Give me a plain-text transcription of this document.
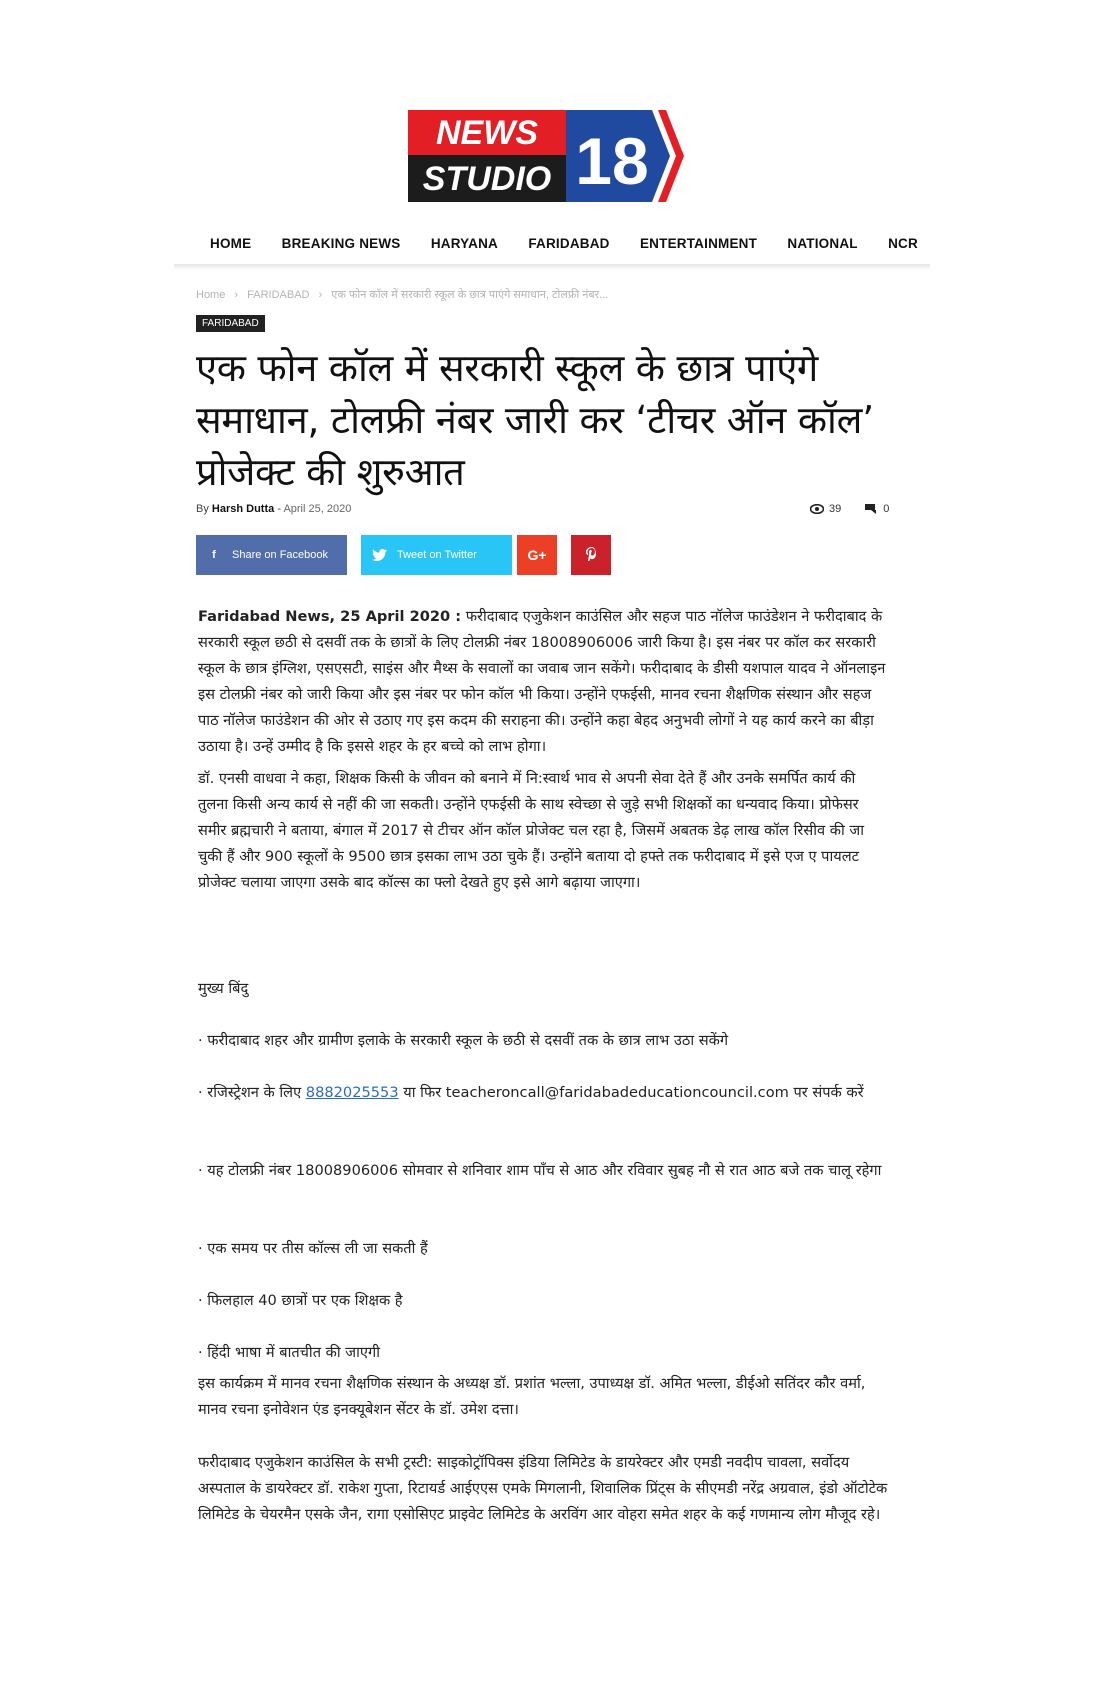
NEWS
STUDIO 18
HOME BREAKING NEWS HARYANA FARIDABAD ENTERTAINMENT NATIONAL NCR
Home › FARIDABAD › एक फोन कॉल में सरकारी स्कूल के छात्र पाएंगे समाधान, टोलफ्री नंबर...
FARIDABAD
एक फोन कॉल में सरकारी स्कूल के छात्र पाएंगे समाधान, टोलफ्री नंबर जारी कर ‘टीचर ऑन कॉल’ प्रोजेक्ट की शुरुआत
By Harsh Dutta - April 25, 2020	39	0
f	Share on Facebook	Tweet on Twitter	G+

Faridabad News, 25 April 2020 : फरीदाबाद एजुकेशन काउंसिल और सहज पाठ नॉलेज फाउंडेशन ने फरीदाबाद के सरकारी स्कूल छठी से दसवीं तक के छात्रों के लिए टोलफ्री नंबर 18008906006 जारी किया है। इस नंबर पर कॉल कर सरकारी स्कूल के छात्र इंग्लिश, एसएसटी, साइंस और मैथ्स के सवालों का जवाब जान सकेंगे। फरीदाबाद के डीसी यशपाल यादव ने ऑनलाइन इस टोलफ्री नंबर को जारी किया और इस नंबर पर फोन कॉल भी किया। उन्होंने एफईसी, मानव रचना शैक्षणिक संस्थान और सहज पाठ नॉलेज फाउंडेशन की ओर से उठाए गए इस कदम की सराहना की। उन्होंने कहा बेहद अनुभवी लोगों ने यह कार्य करने का बीड़ा उठाया है। उन्हें उम्मीद है कि इससे शहर के हर बच्चे को लाभ होगा।

डॉ. एनसी वाधवा ने कहा, शिक्षक किसी के जीवन को बनाने में नि:स्वार्थ भाव से अपनी सेवा देते हैं और उनके समर्पित कार्य की तुलना किसी अन्य कार्य से नहीं की जा सकती। उन्होंने एफईसी के साथ स्वेच्छा से जुड़े सभी शिक्षकों का धन्यवाद किया। प्रोफेसर समीर ब्रह्मचारी ने बताया, बंगाल में 2017 से टीचर ऑन कॉल प्रोजेक्ट चल रहा है, जिसमें अबतक डेढ़ लाख कॉल रिसीव की जा चुकी हैं और 900 स्कूलों के 9500 छात्र इसका लाभ उठा चुके हैं। उन्होंने बताया दो हफ्ते तक फरीदाबाद में इसे एज ए पायलट प्रोजेक्ट चलाया जाएगा उसके बाद कॉल्स का फ्लो देखते हुए इसे आगे बढ़ाया जाएगा।

मुख्य बिंदु

· फरीदाबाद शहर और ग्रामीण इलाके के सरकारी स्कूल के छठी से दसवीं तक के छात्र लाभ उठा सकेंगे

· रजिस्ट्रेशन के लिए 8882025553 या फिर teacheroncall@faridabadeducationcouncil.com पर संपर्क करें

· यह टोलफ्री नंबर 18008906006 सोमवार से शनिवार शाम पाँच से आठ और रविवार सुबह नौ से रात आठ बजे तक चालू रहेगा

· एक समय पर तीस कॉल्स ली जा सकती हैं

· फिलहाल 40 छात्रों पर एक शिक्षक है

· हिंदी भाषा में बातचीत की जाएगी

इस कार्यक्रम में मानव रचना शैक्षणिक संस्थान के अध्यक्ष डॉ. प्रशांत भल्ला, उपाध्यक्ष डॉ. अमित भल्ला, डीईओ सतिंदर कौर वर्मा, मानव रचना इनोवेशन एंड इनक्यूबेशन सेंटर के डॉ. उमेश दत्ता।

फरीदाबाद एजुकेशन काउंसिल के सभी ट्रस्टी: साइकोट्रॉपिक्स इंडिया लिमिटेड के डायरेक्टर और एमडी नवदीप चावला, सर्वोदय अस्पताल के डायरेक्टर डॉ. राकेश गुप्ता, रिटायर्ड आईएएस एमके मिगलानी, शिवालिक प्रिंट्स के सीएमडी नरेंद्र अग्रवाल, इंडो ऑटोटेक लिमिटेड के चेयरमैन एसके जैन, रागा एसोसिएट प्राइवेट लिमिटेड के अरविंग आर वोहरा समेत शहर के कई गणमान्य लोग मौजूद रहे।
